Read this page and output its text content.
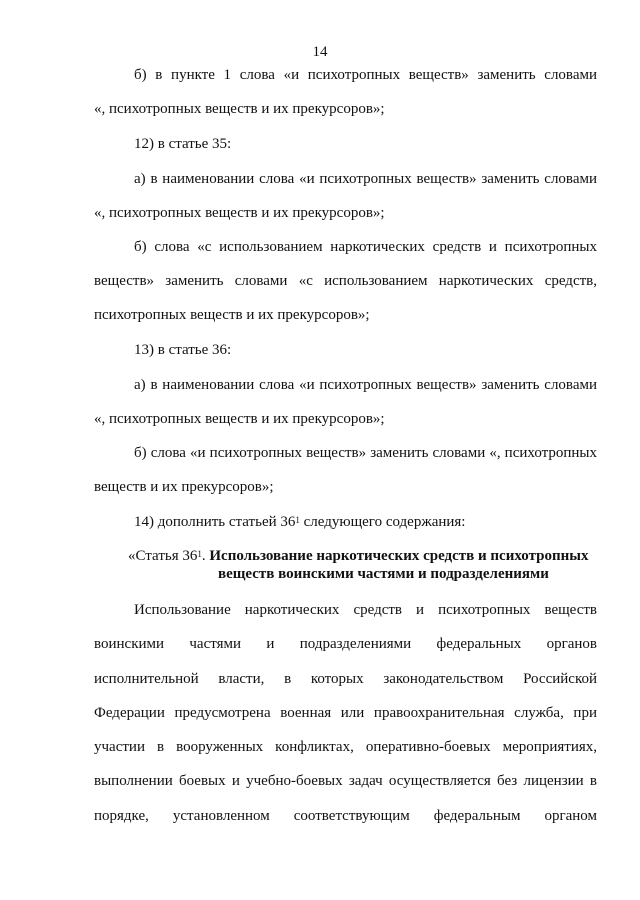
14
б) в пункте 1 слова «и психотропных веществ» заменить словами
«, психотропных веществ и их прекурсоров»;
12) в статье 35:
а) в наименовании слова «и психотропных веществ» заменить словами
«, психотропных веществ и их прекурсоров»;
б) слова «с использованием наркотических средств и психотропных
веществ» заменить словами «с использованием наркотических средств,
психотропных веществ и их прекурсоров»;
13) в статье 36:
а) в наименовании слова «и психотропных веществ» заменить словами
«, психотропных веществ и их прекурсоров»;
б) слова «и психотропных веществ» заменить словами «, психотропных
веществ и их прекурсоров»;
14) дополнить статьей $36^1$ следующего содержания:
«Статья $36^1$. Использование наркотических средств и психотропных
веществ воинскими частями и подразделениями
Использование наркотических средств и психотропных веществ
воинскими частями и подразделениями федеральных органов
исполнительной власти, в которых законодательством Российской
Федерации предусмотрена военная или правоохранительная служба, при
участии в вооруженных конфликтах, оперативно-боевых мероприятиях,
выполнении боевых и учебно-боевых задач осуществляется без лицензии в
порядке, установленном соответствующим федеральным органом
